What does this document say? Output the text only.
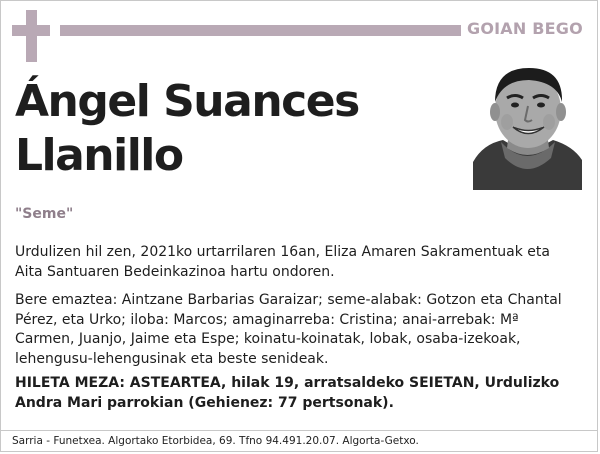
GOIAN BEGO
Ángel Suances
Llanillo
"Seme"

Urdulizen hil zen, 2021ko urtarrilaren 16an, Eliza Amaren Sakramentuak eta Aita Santuaren Bedeinkazinoa hartu ondoren.

Bere emaztea: Aintzane Barbarias Garaizar; seme-alabak: Gotzon eta Chantal Pérez, eta Urko; iloba: Marcos; amaginarreba: Cristina; anai-arrebak: Mª Carmen, Juanjo, Jaime eta Espe; koinatu-koinatak, lobak, osaba-izekoak, lehengusu-lehengusinak eta beste senideak.

HILETA MEZA: ASTEARTEA, hilak 19, arratsaldeko SEIETAN, Urdulizko Andra Mari parrokian (Gehienez: 77 pertsonak).

Sarria - Funetxea. Algortako Etorbidea, 69. Tfno 94.491.20.07. Algorta-Getxo.
